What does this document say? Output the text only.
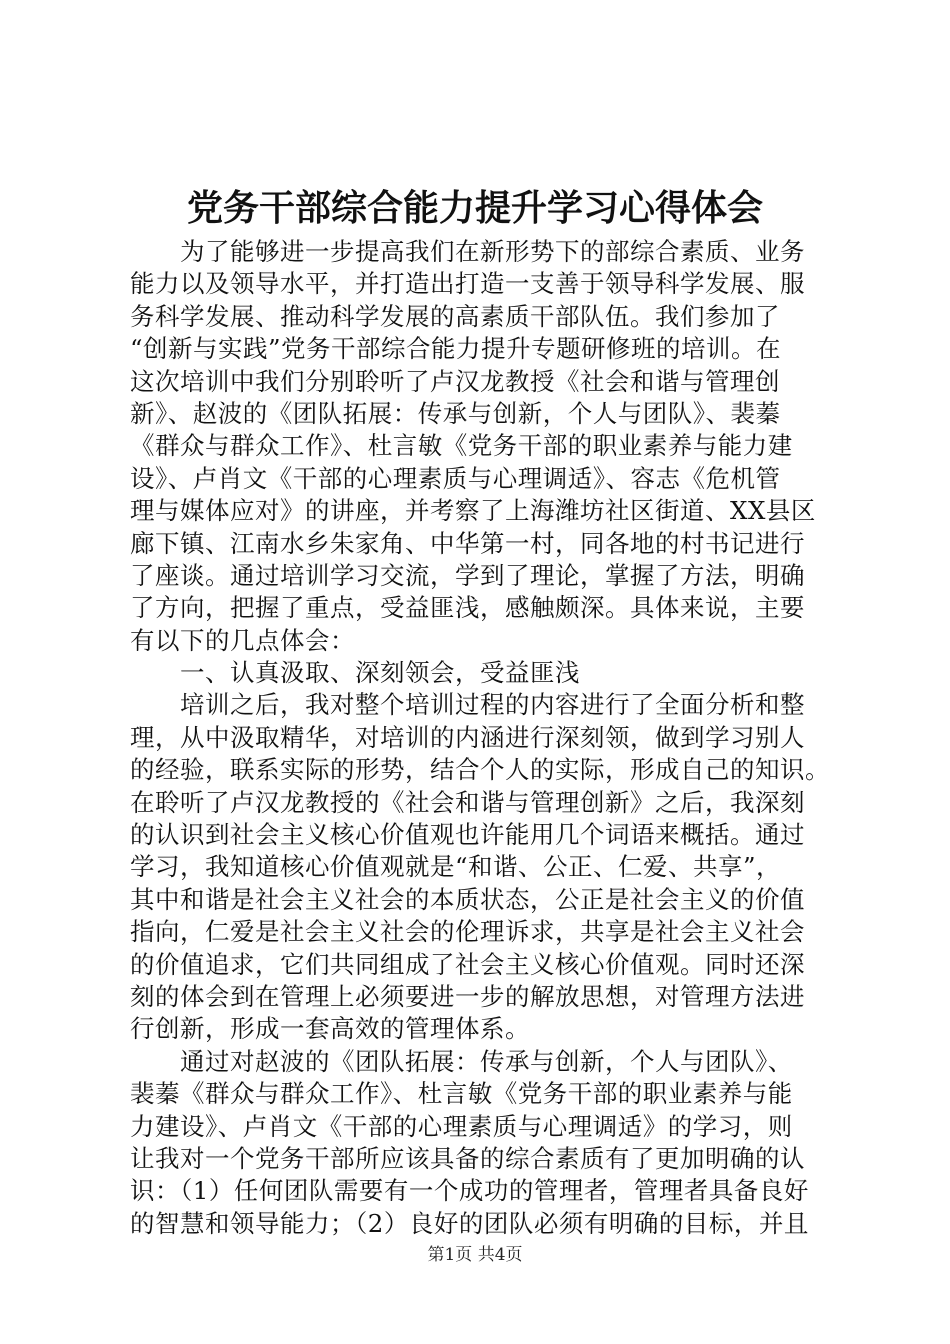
党务干部综合能力提升学习心得体会
为了能够进一步提高我们在新形势下的部综合素质、业务
能力以及领导水平，并打造出打造一支善于领导科学发展、服
务科学发展、推动科学发展的高素质干部队伍。我们参加了
“创新与实践”党务干部综合能力提升专题研修班的培训。在
这次培训中我们分别聆听了卢汉龙教授《社会和谐与管理创
新》、赵波的《团队拓展：传承与创新，个人与团队》、裴蓁
《群众与群众工作》、杜言敏《党务干部的职业素养与能力建
设》、卢肖文《干部的心理素质与心理调适》、容志《危机管
理与媒体应对》的讲座，并考察了上海潍坊社区街道、XX县区
廊下镇、江南水乡朱家角、中华第一村，同各地的村书记进行
了座谈。通过培训学习交流，学到了理论，掌握了方法，明确
了方向，把握了重点，受益匪浅，感触颇深。具体来说，主要
有以下的几点体会：
一、认真汲取、深刻领会，受益匪浅
培训之后，我对整个培训过程的内容进行了全面分析和整
理，从中汲取精华，对培训的内涵进行深刻领，做到学习别人
的经验，联系实际的形势，结合个人的实际，形成自己的知识。
在聆听了卢汉龙教授的《社会和谐与管理创新》之后，我深刻
的认识到社会主义核心价值观也许能用几个词语来概括。通过
学习，我知道核心价值观就是“和谐、公正、仁爱、共享”，
其中和谐是社会主义社会的本质状态，公正是社会主义的价值
指向，仁爱是社会主义社会的伦理诉求，共享是社会主义社会
的价值追求，它们共同组成了社会主义核心价值观。同时还深
刻的体会到在管理上必须要进一步的解放思想，对管理方法进
行创新，形成一套高效的管理体系。
通过对赵波的《团队拓展：传承与创新，个人与团队》、
裴蓁《群众与群众工作》、杜言敏《党务干部的职业素养与能
力建设》、卢肖文《干部的心理素质与心理调适》的学习，则
让我对一个党务干部所应该具备的综合素质有了更加明确的认
识：（1）任何团队需要有一个成功的管理者，管理者具备良好
的智慧和领导能力；（2）良好的团队必须有明确的目标，并且
第1页 共4页
